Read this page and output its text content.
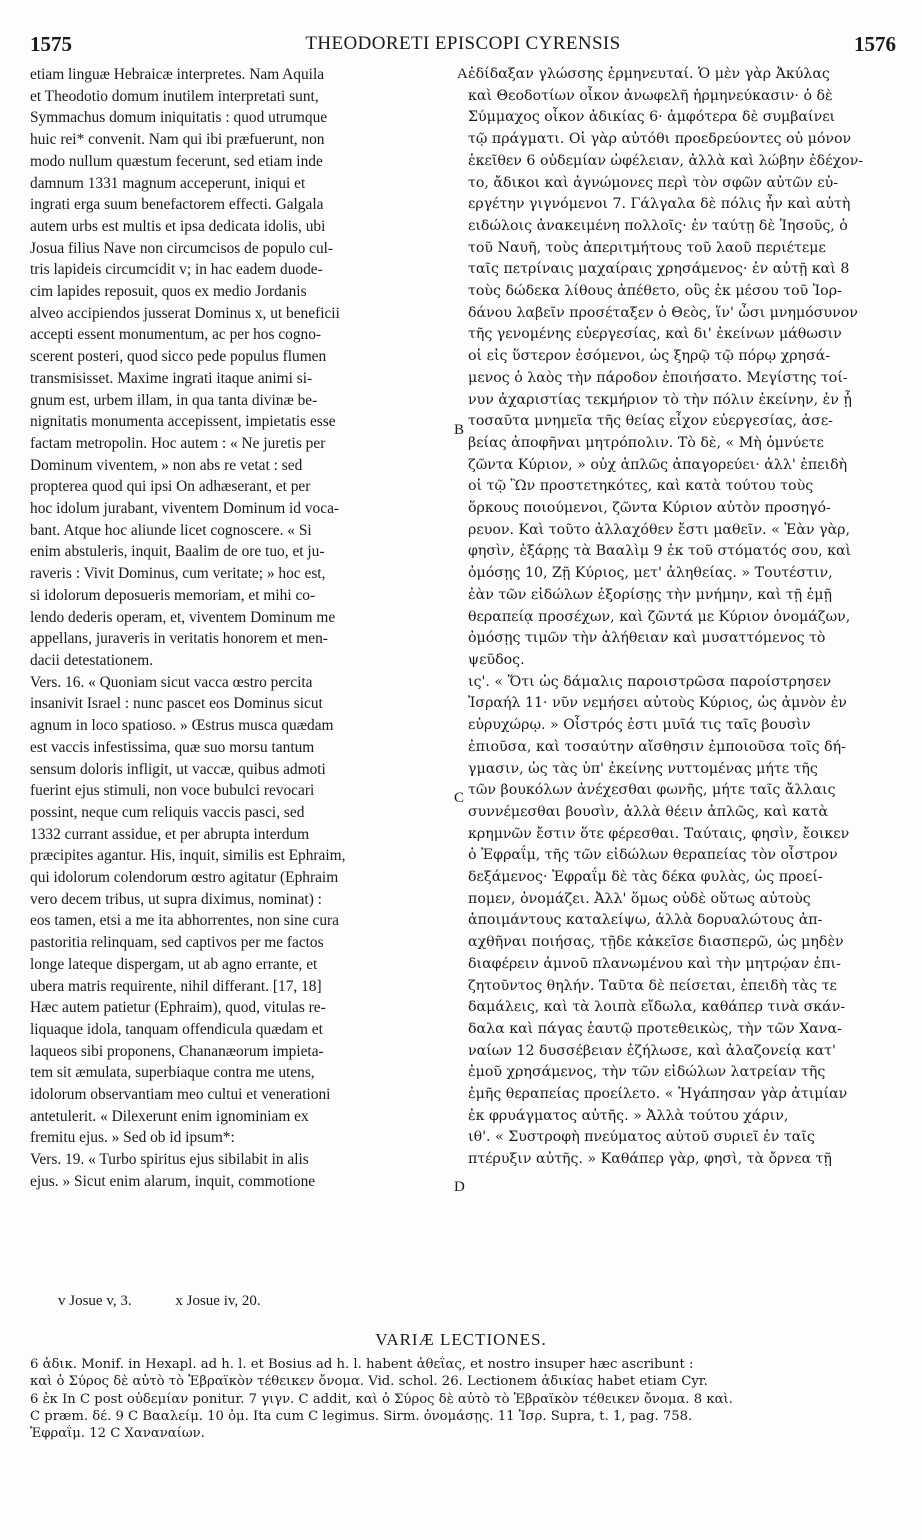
1575	THEODORETI EPISCOPI CYRENSIS	1576
etiam linguæ Hebraicæ interpretes. Nam Aquila
et Theodotio domum inutilem interpretati sunt,
Symmachus domum iniquitatis : quod utrumque
huic rei* convenit. Nam qui ibi præfuerunt, non
modo nullum quæstum fecerunt, sed etiam inde
damnum 1331 magnum acceperunt, iniqui et
ingrati erga suum benefactorem effecti. Galgala
autem urbs est multis et ipsa dedicata idolis, ubi
Josua filius Nave non circumcisos de populo cul-
tris lapideis circumcidit v; in hac eadem duode-
cim lapides reposuit, quos ex medio Jordanis
alveo accipiendos jusserat Dominus x, ut beneficii
accepti essent monumentum, ac per hos cogno-
scerent posteri, quod sicco pede populus flumen
transmisisset. Maxime ingrati itaque animi si-
gnum est, urbem illam, in qua tanta divinæ be-
nignitatis monumenta accepissent, impietatis esse
factam metropolin. Hoc autem : « Ne juretis per
Dominum viventem, » non abs re vetat : sed
propterea quod qui ipsi On adhæserant, et per
hoc idolum jurabant, viventem Dominum id voca-
bant. Atque hoc aliunde licet cognoscere. « Si
enim abstuleris, inquit, Baalim de ore tuo, et ju-
raveris : Vivit Dominus, cum veritate; » hoc est,
si idolorum deposueris memoriam, et mihi co-
lendo dederis operam, et, viventem Dominum me
appellans, juraveris in veritatis honorem et men-
dacii detestationem.
Vers. 16. « Quoniam sicut vacca œstro percita
insanivit Israel : nunc pascet eos Dominus sicut
agnum in loco spatioso. » Œstrus musca quædam
est vaccis infestissima, quæ suo morsu tantum
sensum doloris infligit, ut vaccæ, quibus admoti
fuerint ejus stimuli, non voce bubulci revocari
possint, neque cum reliquis vaccis pasci, sed
1332 currant assidue, et per abrupta interdum
præcipites agantur. His, inquit, similis est Ephraim,
qui idolorum colendorum œstro agitatur (Ephraim
vero decem tribus, ut supra diximus, nominat) :
eos tamen, etsi a me ita abhorrentes, non sine cura
pastoritia relinquam, sed captivos per me factos
longe lateque dispergam, ut ab agno errante, et
ubera matris requirente, nihil differant. [17, 18]
Hæc autem patietur (Ephraim), quod, vitulas re-
liquaque idola, tanquam offendicula quædam et
laqueos sibi proponens, Chananæorum impieta-
tem sit æmulata, superbiaque contra me utens,
idolorum observantiam meo cultui et venerationi
antetulerit. « Dilexerunt enim ignominiam ex
fremitu ejus. » Sed ob id ipsum*:
Vers. 19. « Turbo spiritus ejus sibilabit in alis
ejus. » Sicut enim alarum, inquit, commotione
A
B
C
D
ἐδίδαξαν γλώσσης ἑρμηνευταί. Ὁ μὲν γὰρ Ἀκύλας
καὶ Θεοδοτίων οἶκον ἀνωφελῆ ἡρμηνεύκασιν· ὁ δὲ
Σύμμαχος οἶκον ἀδικίας 6· ἀμφότερα δὲ συμβαίνει
τῷ πράγματι. Οἱ γὰρ αὐτόθι προεδρεύοντες οὐ μόνον
ἐκεῖθεν 6 οὐδεμίαν ὠφέλειαν, ἀλλὰ καὶ λώβην ἐδέχον-
το, ἄδικοι καὶ ἀγνώμονες περὶ τὸν σφῶν αὐτῶν εὐ-
εργέτην γιγνόμενοι 7. Γάλγαλα δὲ πόλις ἦν καὶ αὐτὴ
ειδώλοις ἀνακειμένη πολλοῖς· ἐν ταύτῃ δὲ Ἰησοῦς, ὁ
τοῦ Ναυῆ, τοὺς ἀπεριτμήτους τοῦ λαοῦ περιέτεμε
ταῖς πετρίναις μαχαίραις χρησάμενος· ἐν αὐτῇ καὶ 8
τοὺς δώδεκα λίθους ἀπέθετο, οὓς ἐκ μέσου τοῦ Ἰορ-
δάνου λαβεῖν προσέταξεν ὁ Θεὸς, ἵν' ὦσι μνημόσυνον
τῆς γενομένης εὐεργεσίας, καὶ δι' ἐκείνων μάθωσιν
οἱ εἰς ὕστερον ἐσόμενοι, ὡς ξηρῷ τῷ πόρῳ χρησά-
μενος ὁ λαὸς τὴν πάροδον ἐποιήσατο. Μεγίστης τοί-
νυν ἀχαριστίας τεκμήριον τὸ τὴν πόλιν ἐκείνην, ἐν ᾗ
τοσαῦτα μνημεῖα τῆς θείας εἶχον εὐεργεσίας, ἀσε-
βείας ἀποφῆναι μητρόπολιν. Τὸ δὲ, « Μὴ ὀμνύετε
ζῶντα Κύριον, » οὐχ ἁπλῶς ἀπαγορεύει· ἀλλ' ἐπειδὴ
οἱ τῷ Ὢν προστετηκότες, καὶ κατὰ τούτου τοὺς
ὅρκους ποιούμενοι, ζῶντα Κύριον αὐτὸν προσηγό-
ρευον. Καὶ τοῦτο ἀλλαχόθεν ἔστι μαθεῖν. « Ἐὰν γὰρ,
φησὶν, ἐξάρῃς τὰ Βααλὶμ 9 ἐκ τοῦ στόματός σου, καὶ
ὀμόσῃς 10, Ζῇ Κύριος, μετ' ἀληθείας. » Τουτέστιν,
ἐὰν τῶν εἰδώλων ἐξορίσῃς τὴν μνήμην, καὶ τῇ ἐμῇ
θεραπείᾳ προσέχων, καὶ ζῶντά με Κύριον ὀνομάζων,
ὀμόσῃς τιμῶν τὴν ἀλήθειαν καὶ μυσαττόμενος τὸ
ψεῦδος.
ις'. « Ὅτι ὡς δάμαλις παροιστρῶσα παροίστρησεν
Ἰσραήλ 11· νῦν νεμήσει αὐτοὺς Κύριος, ὡς ἀμνὸν ἐν
εὐρυχώρῳ. » Οἶστρός ἐστι μυῖά τις ταῖς βουσὶν
ἐπιοῦσα, καὶ τοσαύτην αἴσθησιν ἐμποιοῦσα τοῖς δή-
γμασιν, ὡς τὰς ὑπ' ἐκείνης νυττομένας μήτε τῆς
τῶν βουκόλων ἀνέχεσθαι φωνῆς, μήτε ταῖς ἄλλαις
συννέμεσθαι βουσὶν, ἀλλὰ θέειν ἀπλῶς, καὶ κατὰ
κρημνῶν ἔστιν ὅτε φέρεσθαι. Ταύταις, φησὶν, ἔοικεν
ὁ Ἐφραΐμ, τῆς τῶν εἰδώλων θεραπείας τὸν οἶστρον
δεξάμενος· Ἐφραΐμ δὲ τὰς δέκα φυλὰς, ὡς προεί-
πομεν, ὀνομάζει. Ἀλλ' ὅμως οὐδὲ οὕτως αὐτοὺς
ἀποιμάντους καταλείψω, ἀλλὰ δορυαλώτους ἀπ-
αχθῆναι ποιήσας, τῇδε κἀκεῖσε διασπερῶ, ὡς μηδὲν
διαφέρειν ἀμνοῦ πλανωμένου καὶ τὴν μητρῴαν ἐπι-
ζητοῦντος θηλήν. Ταῦτα δὲ πείσεται, ἐπειδὴ τὰς τε
δαμάλεις, καὶ τὰ λοιπὰ εἴδωλα, καθάπερ τινὰ σκάν-
δαλα καὶ πάγας ἑαυτῷ προτεθεικὼς, τὴν τῶν Χανα-
ναίων 12 δυσσέβειαν ἐζήλωσε, καὶ ἀλαζονείᾳ κατ'
ἐμοῦ χρησάμενος, τὴν τῶν εἰδώλων λατρείαν τῆς
ἐμῆς θεραπείας προείλετο. « Ἠγάπησαν γὰρ ἀτιμίαν
ἐκ φρυάγματος αὐτῆς. » Ἀλλὰ τούτου χάριν,
ιθ'. « Συστροφὴ πνεύματος αὐτοῦ συριεῖ ἐν ταῖς
πτέρυξιν αὐτῆς. » Καθάπερ γὰρ, φησὶ, τὰ ὄρνεα τῇ
v Josue v, 3.	x Josue iv, 20.
VARIÆ LECTIONES.
6 ἀδικ. Monif. in Hexapl. ad h. l. et Bosius ad h. l. habent ἀθεΐας, et nostro insuper hæc ascribunt :
καὶ ὁ Σύρος δὲ αὐτὸ τὸ Ἑβραϊκὸν τέθεικεν ὄνομα. Vid. schol. 26. Lectionem ἀδικίας habet etiam Cyr.
6 ἐκ In C post οὐδεμίαν ponitur. 7 γιγν. C addit, καὶ ὁ Σύρος δὲ αὐτὸ τὸ Ἑβραϊκὸν τέθεικεν ὄνομα. 8 καὶ.
C præm. δέ. 9 C Βααλείμ. 10 ὀμ. Ita cum C legimus. Sirm. ὀνομάσῃς. 11 Ἰσρ. Supra, t. 1, pag. 758.
Ἐφραΐμ. 12 C Χαναναίων.
